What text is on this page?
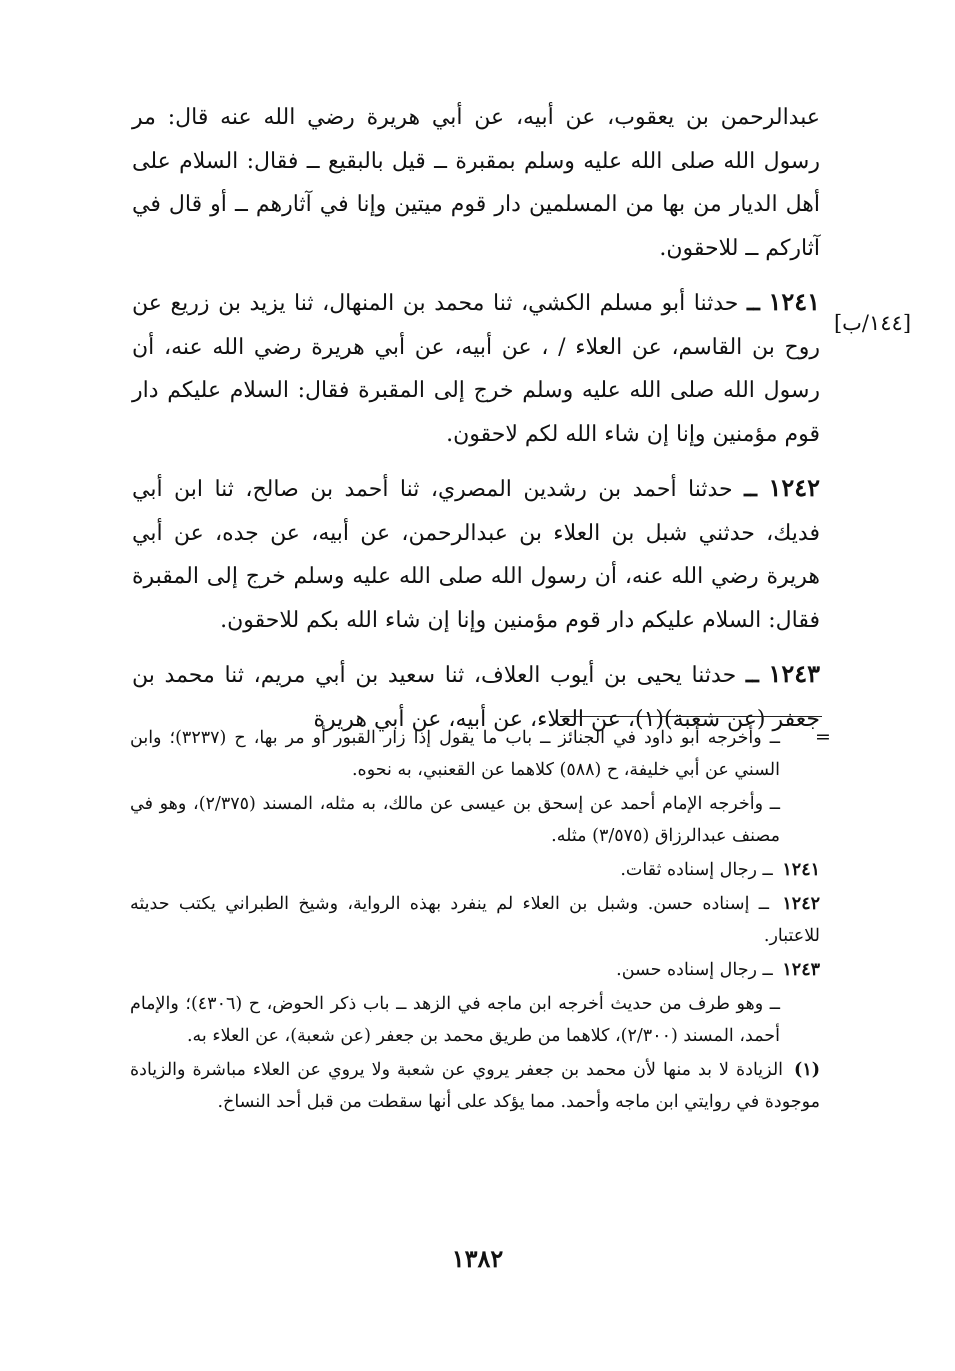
عبدالرحمن بن يعقوب، عن أبيه، عن أبي هريرة رضي الله عنه قال: مر رسول الله صلى الله عليه وسلم بمقبرة ــ قيل بالبقيع ــ فقال: السلام على أهل الديار من بها من المسلمين دار قوم ميتين وإنا في آثارهم ــ أو قال في آثاركم ــ للاحقون.

١٢٤١ ــ حدثنا أبو مسلم الكشي، ثنا محمد بن المنهال، ثنا يزيد بن زريع عن روح بن القاسم، عن العلاء / ، عن أبيه، عن أبي هريرة رضي الله عنه، أن رسول الله صلى الله عليه وسلم خرج إلى المقبرة فقال: السلام عليكم دار قوم مؤمنين وإنا إن شاء الله لكم لاحقون.

١٢٤٢ ــ حدثنا أحمد بن رشدين المصري، ثنا أحمد بن صالح، ثنا ابن أبي فديك، حدثني شبل بن العلاء بن عبدالرحمن، عن أبيه، عن جده، عن أبي هريرة رضي الله عنه، أن رسول الله صلى الله عليه وسلم خرج إلى المقبرة فقال: السلام عليكم دار قوم مؤمنين وإنا إن شاء الله بكم للاحقون.

١٢٤٣ ــ حدثنا يحيى بن أيوب العلاف، ثنا سعيد بن أبي مريم، ثنا محمد بن جعفر (عن شعبة)(١)، عن العلاء، عن أبيه، عن أبي هريرة

[١٤٤/ب]
=
ــ وأخرجه أبو داود في الجنائز ــ باب ما يقول إذا زار القبور أو مر بها، ح (٣٢٣٧)؛ وابن السني عن أبي خليفة، ح (٥٨٨) كلاهما عن القعنبي، به نحوه.
ــ وأخرجه الإمام أحمد عن إسحق بن عيسى عن مالك، به مثله، المسند (٢/٣٧٥)، وهو في مصنف عبدالرزاق (٣/٥٧٥) مثله.
١٢٤١ ــ رجال إسناده ثقات.
١٢٤٢ ــ إسناده حسن. وشبل بن العلاء لم ينفرد بهذه الرواية، وشيخ الطبراني يكتب حديثه للاعتبار.
١٢٤٣ ــ رجال إسناده حسن.
ــ وهو طرف من حديث أخرجه ابن ماجه في الزهد ــ باب ذكر الحوض، ح (٤٣٠٦)؛ والإمام أحمد، المسند (٢/٣٠٠)، كلاهما من طريق محمد بن جعفر (عن شعبة)، عن العلاء به.
(١) الزيادة لا بد منها لأن محمد بن جعفر يروي عن شعبة ولا يروي عن العلاء مباشرة والزيادة موجودة في روايتي ابن ماجه وأحمد. مما يؤكد على أنها سقطت من قبل أحد النساخ.
١٣٨٢
